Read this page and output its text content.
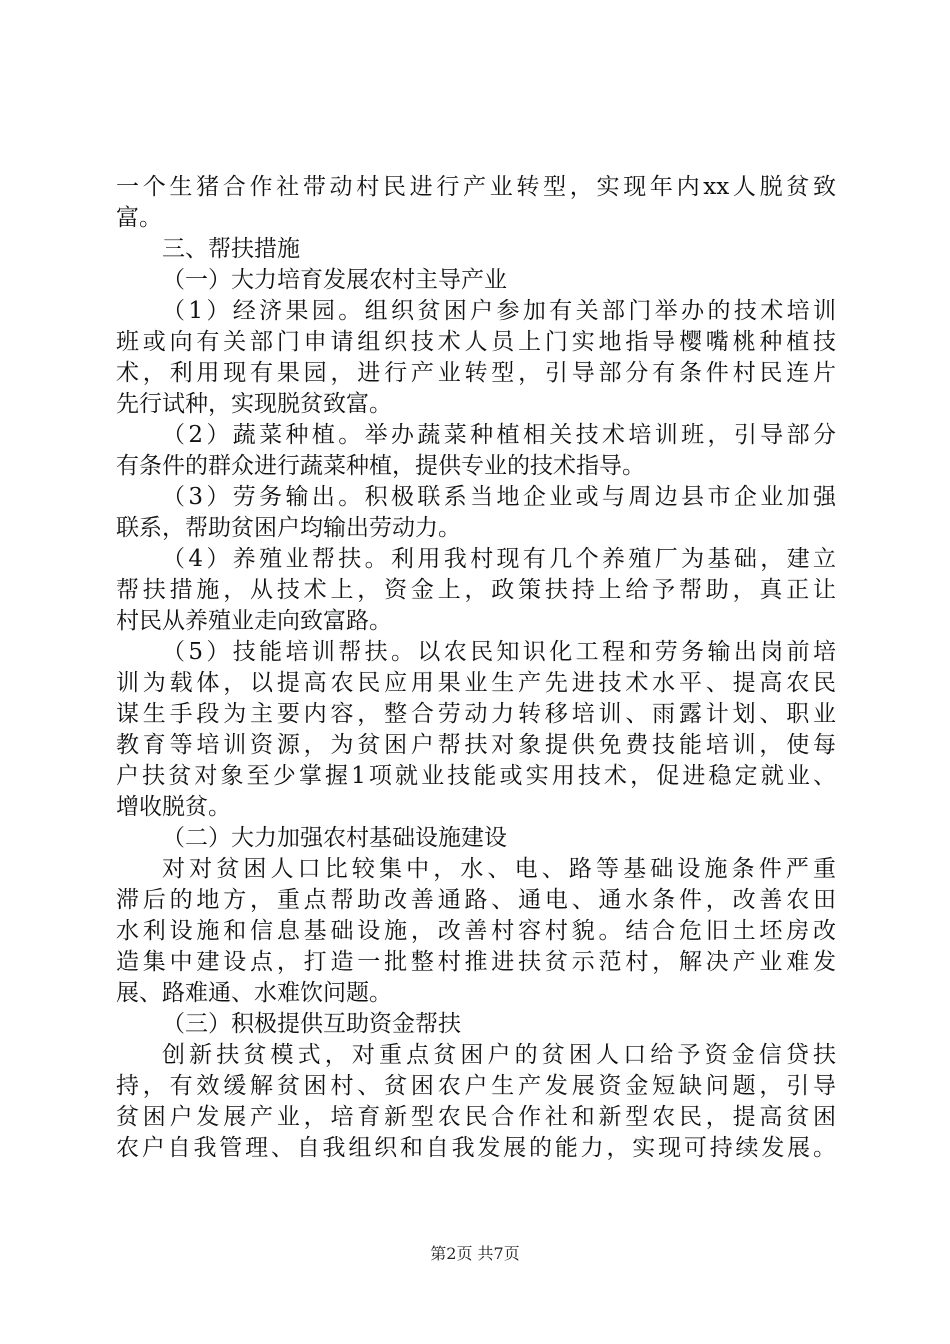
一个生猪合作社带动村民进行产业转型，实现年内xx人脱贫致
富。
三、帮扶措施
（一）大力培育发展农村主导产业
（1）经济果园。组织贫困户参加有关部门举办的技术培训
班或向有关部门申请组织技术人员上门实地指导樱嘴桃种植技
术，利用现有果园，进行产业转型，引导部分有条件村民连片
先行试种，实现脱贫致富。
（2）蔬菜种植。举办蔬菜种植相关技术培训班，引导部分
有条件的群众进行蔬菜种植，提供专业的技术指导。
（3）劳务输出。积极联系当地企业或与周边县市企业加强
联系，帮助贫困户均输出劳动力。
（4）养殖业帮扶。利用我村现有几个养殖厂为基础，建立
帮扶措施，从技术上，资金上，政策扶持上给予帮助，真正让
村民从养殖业走向致富路。
（5）技能培训帮扶。以农民知识化工程和劳务输出岗前培
训为载体，以提高农民应用果业生产先进技术水平、提高农民
谋生手段为主要内容，整合劳动力转移培训、雨露计划、职业
教育等培训资源，为贫困户帮扶对象提供免费技能培训，使每
户扶贫对象至少掌握1项就业技能或实用技术，促进稳定就业、
增收脱贫。
（二）大力加强农村基础设施建设
对对贫困人口比较集中，水、电、路等基础设施条件严重
滞后的地方，重点帮助改善通路、通电、通水条件，改善农田
水利设施和信息基础设施，改善村容村貌。结合危旧土坯房改
造集中建设点，打造一批整村推进扶贫示范村，解决产业难发
展、路难通、水难饮问题。
（三）积极提供互助资金帮扶
创新扶贫模式，对重点贫困户的贫困人口给予资金信贷扶
持，有效缓解贫困村、贫困农户生产发展资金短缺问题，引导
贫困户发展产业，培育新型农民合作社和新型农民，提高贫困
农户自我管理、自我组织和自我发展的能力，实现可持续发展。
第2页 共7页
